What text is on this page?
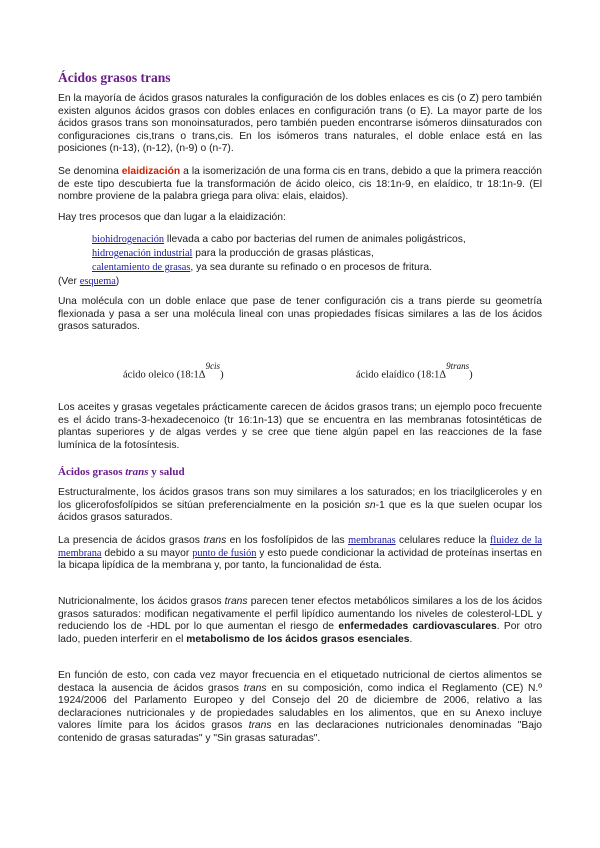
Ácidos grasos trans

En la mayoría de ácidos grasos naturales la configuración de los dobles enlaces es cis (o Z) pero también existen algunos ácidos grasos con dobles enlaces en configuración trans (o E). La mayor parte de los ácidos grasos trans son monoinsaturados, pero también pueden encontrarse isómeros diinsaturados con configuraciones cis,trans o trans,cis. En los isómeros trans naturales, el doble enlace está en las posiciones (n-13), (n-12), (n-9) o (n-7).

Se denomina elaidización a la isomerización de una forma cis en trans, debido a que la primera reacción de este tipo descubierta fue la transformación de ácido oleico, cis 18:1n-9, en elaídico, tr 18:1n-9. (El nombre proviene de la palabra griega para oliva: elais, elaidos).

Hay tres procesos que dan lugar a la elaidización:

biohidrogenación llevada a cabo por bacterias del rumen de animales poligástricos,
hidrogenación industrial para la producción de grasas plásticas,
calentamiento de grasas, ya sea durante su refinado o en procesos de fritura.
(Ver esquema)

Una molécula con un doble enlace que pase de tener configuración cis a trans pierde su geometría flexionada y pasa a ser una molécula lineal con unas propiedades físicas similares a las de los ácidos grasos saturados.

ácido oleico $(18:1\Delta^{9cis})$	ácido elaídico $(18:1\Delta^{9trans})$

Los aceites y grasas vegetales prácticamente carecen de ácidos grasos trans; un ejemplo poco frecuente es el ácido trans-3-hexadecenoico (tr 16:1n-13) que se encuentra en las membranas fotosintéticas de plantas superiores y de algas verdes y se cree que tiene algún papel en las reacciones de la fase lumínica de la fotosíntesis.

Ácidos grasos trans y salud

Estructuralmente, los ácidos grasos trans son muy similares a los saturados; en los triacilgliceroles y en los glicerofosfolípidos se sitúan preferencialmente en la posición sn-1 que es la que suelen ocupar los ácidos grasos saturados.

La presencia de ácidos grasos trans en los fosfolípidos de las membranas celulares reduce la fluidez de la membrana debido a su mayor punto de fusión y esto puede condicionar la actividad de proteínas insertas en la bicapa lipídica de la membrana y, por tanto, la funcionalidad de ésta.

Nutricionalmente, los ácidos grasos trans parecen tener efectos metabólicos similares a los de los ácidos grasos saturados: modifican negativamente el perfil lipídico aumentando los niveles de colesterol-LDL y reduciendo los de -HDL por lo que aumentan el riesgo de enfermedades cardiovasculares. Por otro lado, pueden interferir en el metabolismo de los ácidos grasos esenciales.

En función de esto, con cada vez mayor frecuencia en el etiquetado nutricional de ciertos alimentos se destaca la ausencia de ácidos grasos trans en su composición, como indica el Reglamento (CE) N.º 1924/2006 del Parlamento Europeo y del Consejo del 20 de diciembre de 2006, relativo a las declaraciones nutricionales y de propiedades saludables en los alimentos, que en su Anexo incluye valores límite para los ácidos grasos trans en las declaraciones nutricionales denominadas "Bajo contenido de grasas saturadas" y "Sin grasas saturadas".
